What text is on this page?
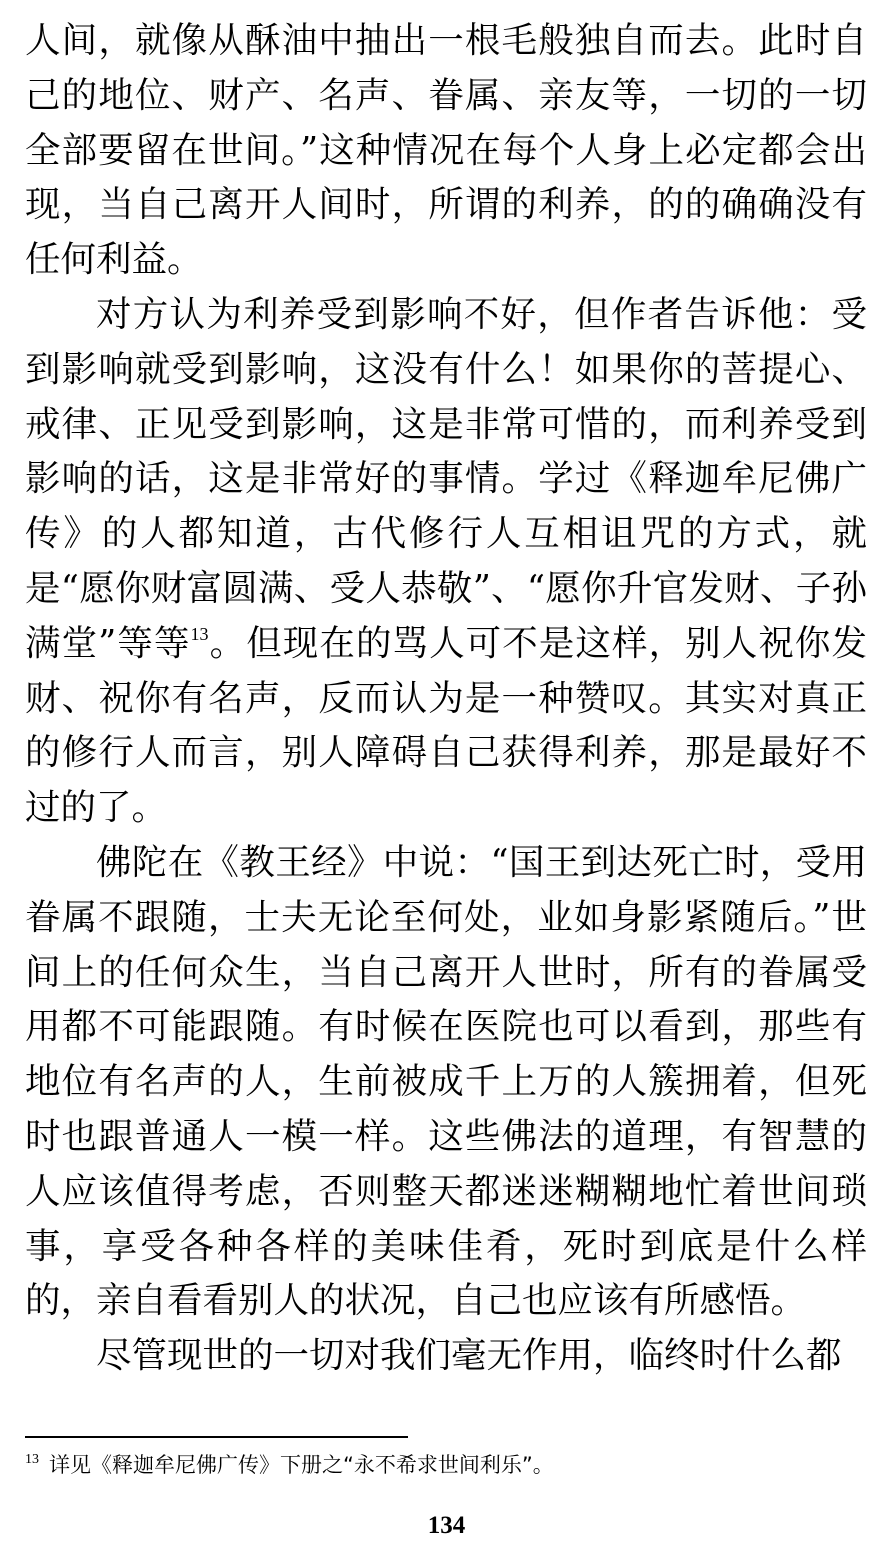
人间，就像从酥油中抽出一根毛般独自而去。此时自己的地位、财产、名声、眷属、亲友等，一切的一切全部要留在世间。”这种情况在每个人身上必定都会出现，当自己离开人间时，所谓的利养，的的确确没有任何利益。

对方认为利养受到影响不好，但作者告诉他：受到影响就受到影响，这没有什么！如果你的菩提心、戒律、正见受到影响，这是非常可惜的，而利养受到影响的话，这是非常好的事情。学过《释迦牟尼佛广传》的人都知道，古代修行人互相诅咒的方式，就是“愿你财富圆满、受人恭敬”、“愿你升官发财、子孙满堂”等等$^{13}$。但现在的骂人可不是这样，别人祝你发财、祝你有名声，反而认为是一种赞叹。其实对真正的修行人而言，别人障碍自己获得利养，那是最好不过的了。

佛陀在《教王经》中说：“国王到达死亡时，受用眷属不跟随，士夫无论至何处，业如身影紧随后。”世间上的任何众生，当自己离开人世时，所有的眷属受用都不可能跟随。有时候在医院也可以看到，那些有地位有名声的人，生前被成千上万的人簇拥着，但死时也跟普通人一模一样。这些佛法的道理，有智慧的人应该值得考虑，否则整天都迷迷糊糊地忙着世间琐事，享受各种各样的美味佳肴，死时到底是什么样的，亲自看看别人的状况，自己也应该有所感悟。

尽管现世的一切对我们毫无作用，临终时什么都

$^{13}$ 详见《释迦牟尼佛广传》下册之“永不希求世间利乐”。
134
